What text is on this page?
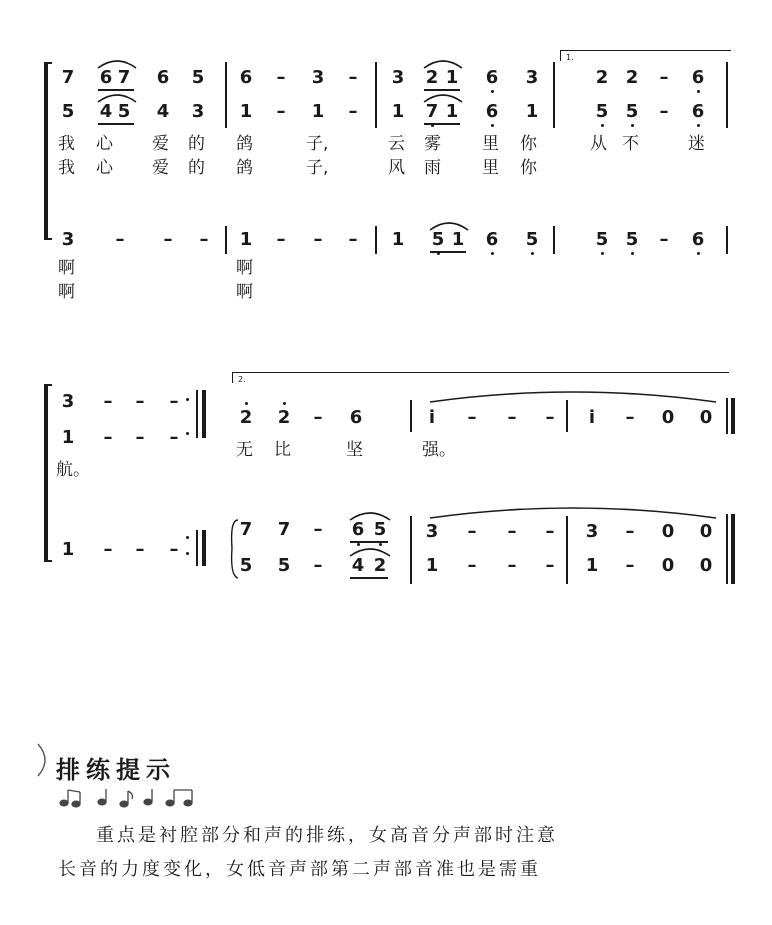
1.
7 6 7 6 5 6 – 3 – 3 2 1 6 3	2 2 – 6
5 4 5 4 3 1 – 1 – 1 7 1 6 1	5 5 – 6
我 心 爱 的 鸽	子,	云 雾 里 你	从 不	迷
我 心 爱 的 鸽	子,	风 雨 里 你
3 – – – 1 – – – 1 5 1 6 5	5 5 – 6
啊	啊
啊	啊
2.
3 – – –
2 2 – 6	i – – – i – 0 0
1 – – –
航。
无 比	坚	强。
1 – – –
7 7 – 6 5 3 – – – 3 – 0 0
5 5 – 4 2 1 – – – 1 – 0 0
排练提示
重点是衬腔部分和声的排练，女高音分声部时注意
长音的力度变化，女低音声部第二声部音准也是需重
